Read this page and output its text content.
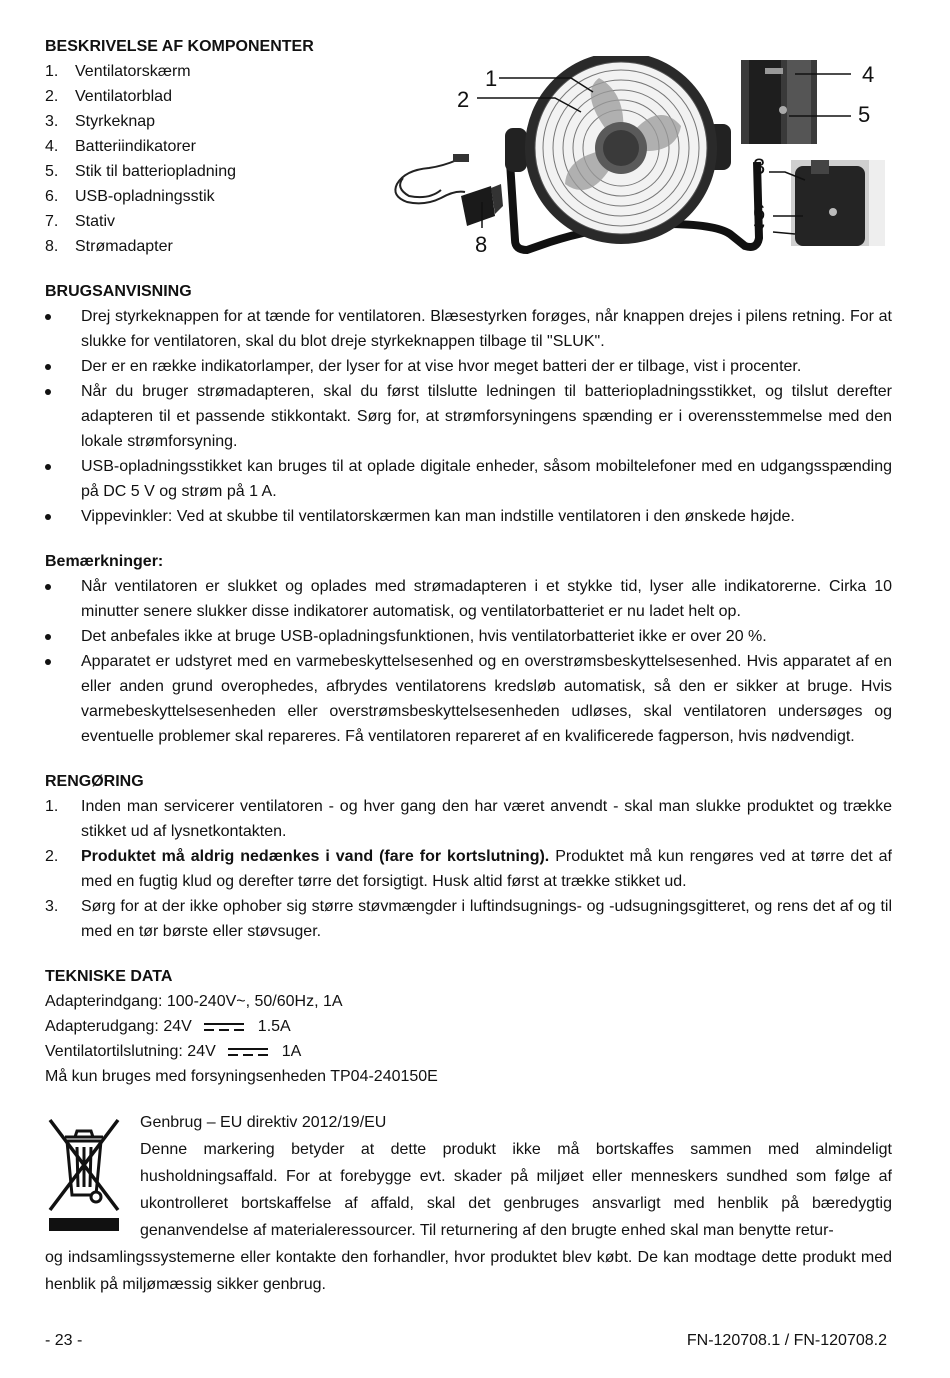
BESKRIVELSE AF KOMPONENTER
1.	Ventilatorskærm
2.	Ventilatorblad
3.	Styrkeknap
4.	Batteriindikatorer
5.	Stik til batteriopladning
6.	USB-opladningsstik
7.	Stativ
8.	Strømadapter
BRUGSANVISNING
Drej styrkeknappen for at tænde for ventilatoren. Blæsestyrken forøges, når knappen drejes i pilens retning. For at slukke for ventilatoren, skal du blot dreje styrkeknappen tilbage til "SLUK".
Der er en række indikatorlamper, der lyser for at vise hvor meget batteri der er tilbage, vist i procenter.
Når du bruger strømadapteren, skal du først tilslutte ledningen til batteriopladningsstikket, og tilslut derefter adapteren til et passende stikkontakt. Sørg for, at strømforsyningens spænding er i overensstemmelse med den lokale strømforsyning.
USB-opladningsstikket kan bruges til at oplade digitale enheder, såsom mobiltelefoner med en udgangsspænding på DC 5 V og strøm på 1 A.
Vippevinkler: Ved at skubbe til ventilatorskærmen kan man indstille ventilatoren i den ønskede højde.
Bemærkninger:
Når ventilatoren er slukket og oplades med strømadapteren i et stykke tid, lyser alle indikatorerne. Cirka 10 minutter senere slukker disse indikatorer automatisk, og ventilatorbatteriet er nu ladet helt op.
Det anbefales ikke at bruge USB-opladningsfunktionen, hvis ventilatorbatteriet ikke er over 20 %.
Apparatet er udstyret med en varmebeskyttelsesenhed og en overstrømsbeskyttelsesenhed. Hvis apparatet af en eller anden grund overophedes, afbrydes ventilatorens kredsløb automatisk, så den er sikker at bruge. Hvis varmebeskyttelsesenheden eller overstrømsbeskyttelsesenheden udløses, skal ventilatoren undersøges og eventuelle problemer skal repareres. Få ventilatoren repareret af en kvalificerede fagperson, hvis nødvendigt.
RENGØRING
1.	Inden man servicerer ventilatoren - og hver gang den har været anvendt - skal man slukke produktet og trække stikket ud af lysnetkontakten.
2.	Produktet må aldrig nedænkes i vand (fare for kortslutning). Produktet må kun rengøres ved at tørre det af med en fugtig klud og derefter tørre det forsigtigt. Husk altid først at trække stikket ud.
3.	Sørg for at der ikke ophober sig større støvmængder i luftindsugnings- og -udsugningsgitteret, og rens det af og til med en tør børste eller støvsuger.
TEKNISKE DATA
Adapterindgang: 100-240V~, 50/60Hz, 1A
Adapterudgang: 24V	1.5A
Ventilatortilslutning: 24V	1A
Må kun bruges med forsyningsenheden TP04-240150E
Genbrug – EU direktiv 2012/19/EU
Denne markering betyder at dette produkt ikke må bortskaffes sammen med almindeligt husholdningsaffald. For at forebygge evt. skader på miljøet eller menneskers sundhed som følge af ukontrolleret bortskaffelse af affald, skal det genbruges ansvarligt med henblik på bæredygtig genanvendelse af materialeressourcer. Til returnering af den brugte enhed skal man benytte retur-
og indsamlingssystemerne eller kontakte den forhandler, hvor produktet blev købt. De kan modtage dette produkt med henblik på miljømæssig sikker genbrug.
1
2
8
4
5
3
6
7
- 23 -	FN-120708.1 / FN-120708.2
